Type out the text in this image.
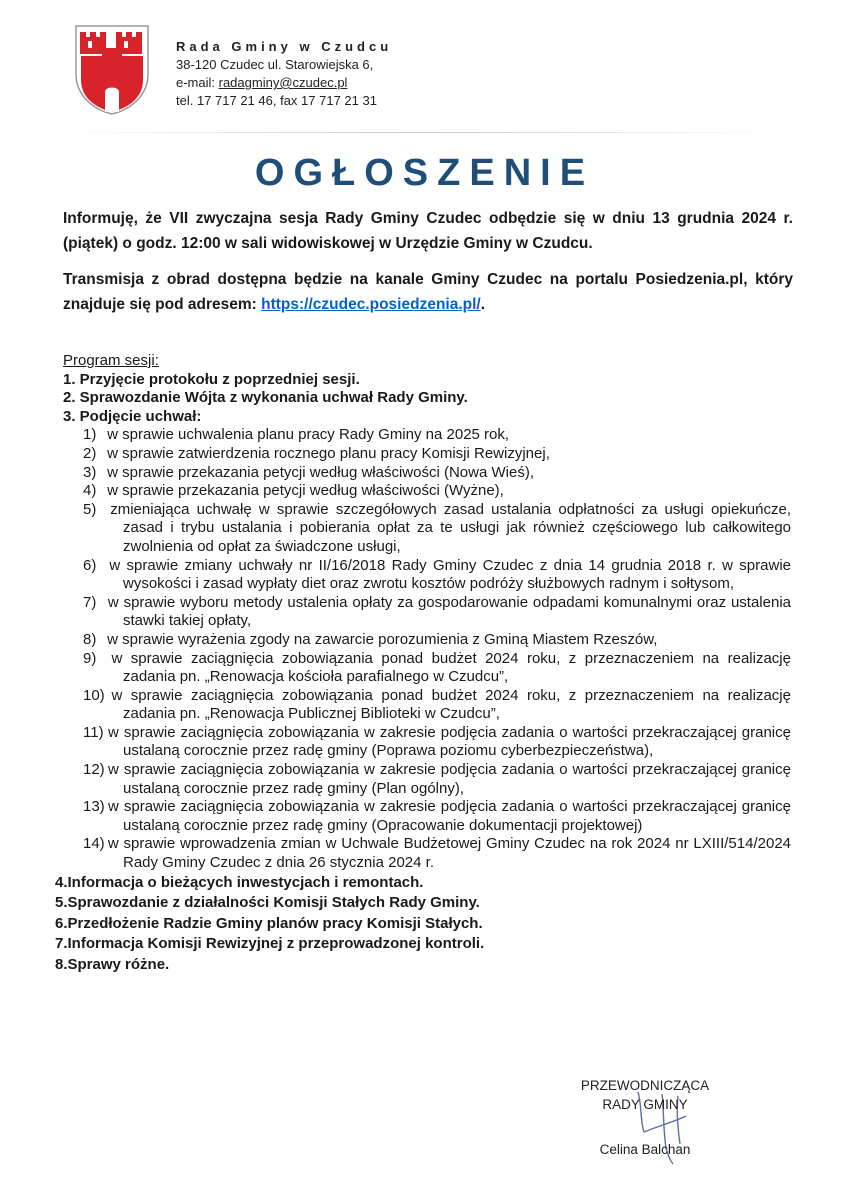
Rada Gminy w Czudcu
38-120 Czudec ul. Starowiejska 6,
e-mail: radagminy@czudec.pl
tel. 17 717 21 46, fax 17 717 21 31
OGŁOSZENIE

Informuję, że VII zwyczajna sesja Rady Gminy Czudec odbędzie się w dniu 13 grudnia 2024 r. (piątek) o godz. 12:00 w sali widowiskowej w Urzędzie Gminy w Czudcu.

Transmisja z obrad dostępna będzie na kanale Gminy Czudec na portalu Posiedzenia.pl, który znajduje się pod adresem: https://czudec.posiedzenia.pl/.

Program sesji:
1. Przyjęcie protokołu z poprzedniej sesji.
2. Sprawozdanie Wójta z wykonania uchwał Rady Gminy.
3. Podjęcie uchwał:
1) w sprawie uchwalenia planu pracy Rady Gminy na 2025 rok,
2) w sprawie zatwierdzenia rocznego planu pracy Komisji Rewizyjnej,
3) w sprawie przekazania petycji według właściwości (Nowa Wieś),
4) w sprawie przekazania petycji według właściwości (Wyżne),
5) zmieniająca uchwałę w sprawie szczegółowych zasad ustalania odpłatności za usługi opiekuńcze, zasad i trybu ustalania i pobierania opłat za te usługi jak również częściowego lub całkowitego zwolnienia od opłat za świadczone usługi,
6) w sprawie zmiany uchwały nr II/16/2018 Rady Gminy Czudec z dnia 14 grudnia 2018 r. w sprawie wysokości i zasad wypłaty diet oraz zwrotu kosztów podróży służbowych radnym i sołtysom,
7) w sprawie wyboru metody ustalenia opłaty za gospodarowanie odpadami komunalnymi oraz ustalenia stawki takiej opłaty,
8) w sprawie wyrażenia zgody na zawarcie porozumienia z Gminą Miastem Rzeszów,
9) w sprawie zaciągnięcia zobowiązania ponad budżet 2024 roku, z przeznaczeniem na realizację zadania pn. „Renowacja kościoła parafialnego w Czudcu”,
10) w sprawie zaciągnięcia zobowiązania ponad budżet 2024 roku, z przeznaczeniem na realizację zadania pn. „Renowacja Publicznej Biblioteki w Czudcu”,
11) w sprawie zaciągnięcia zobowiązania w zakresie podjęcia zadania o wartości przekraczającej granicę ustalaną corocznie przez radę gminy (Poprawa poziomu cyberbezpieczeństwa),
12) w sprawie zaciągnięcia zobowiązania w zakresie podjęcia zadania o wartości przekraczającej granicę ustalaną corocznie przez radę gminy (Plan ogólny),
13) w sprawie zaciągnięcia zobowiązania w zakresie podjęcia zadania o wartości przekraczającej granicę ustalaną corocznie przez radę gminy (Opracowanie dokumentacji projektowej)
14) w sprawie wprowadzenia zmian w Uchwale Budżetowej Gminy Czudec na rok 2024 nr LXIII/514/2024 Rady Gminy Czudec z dnia 26 stycznia 2024 r.
4.Informacja o bieżących inwestycjach i remontach.
5.Sprawozdanie z działalności Komisji Stałych Rady Gminy.
6.Przedłożenie Radzie Gminy planów pracy Komisji Stałych.
7.Informacja Komisji Rewizyjnej z przeprowadzonej kontroli.
8.Sprawy różne.
PRZEWODNICZĄCA
RADY GMINY
Celina Balchan
